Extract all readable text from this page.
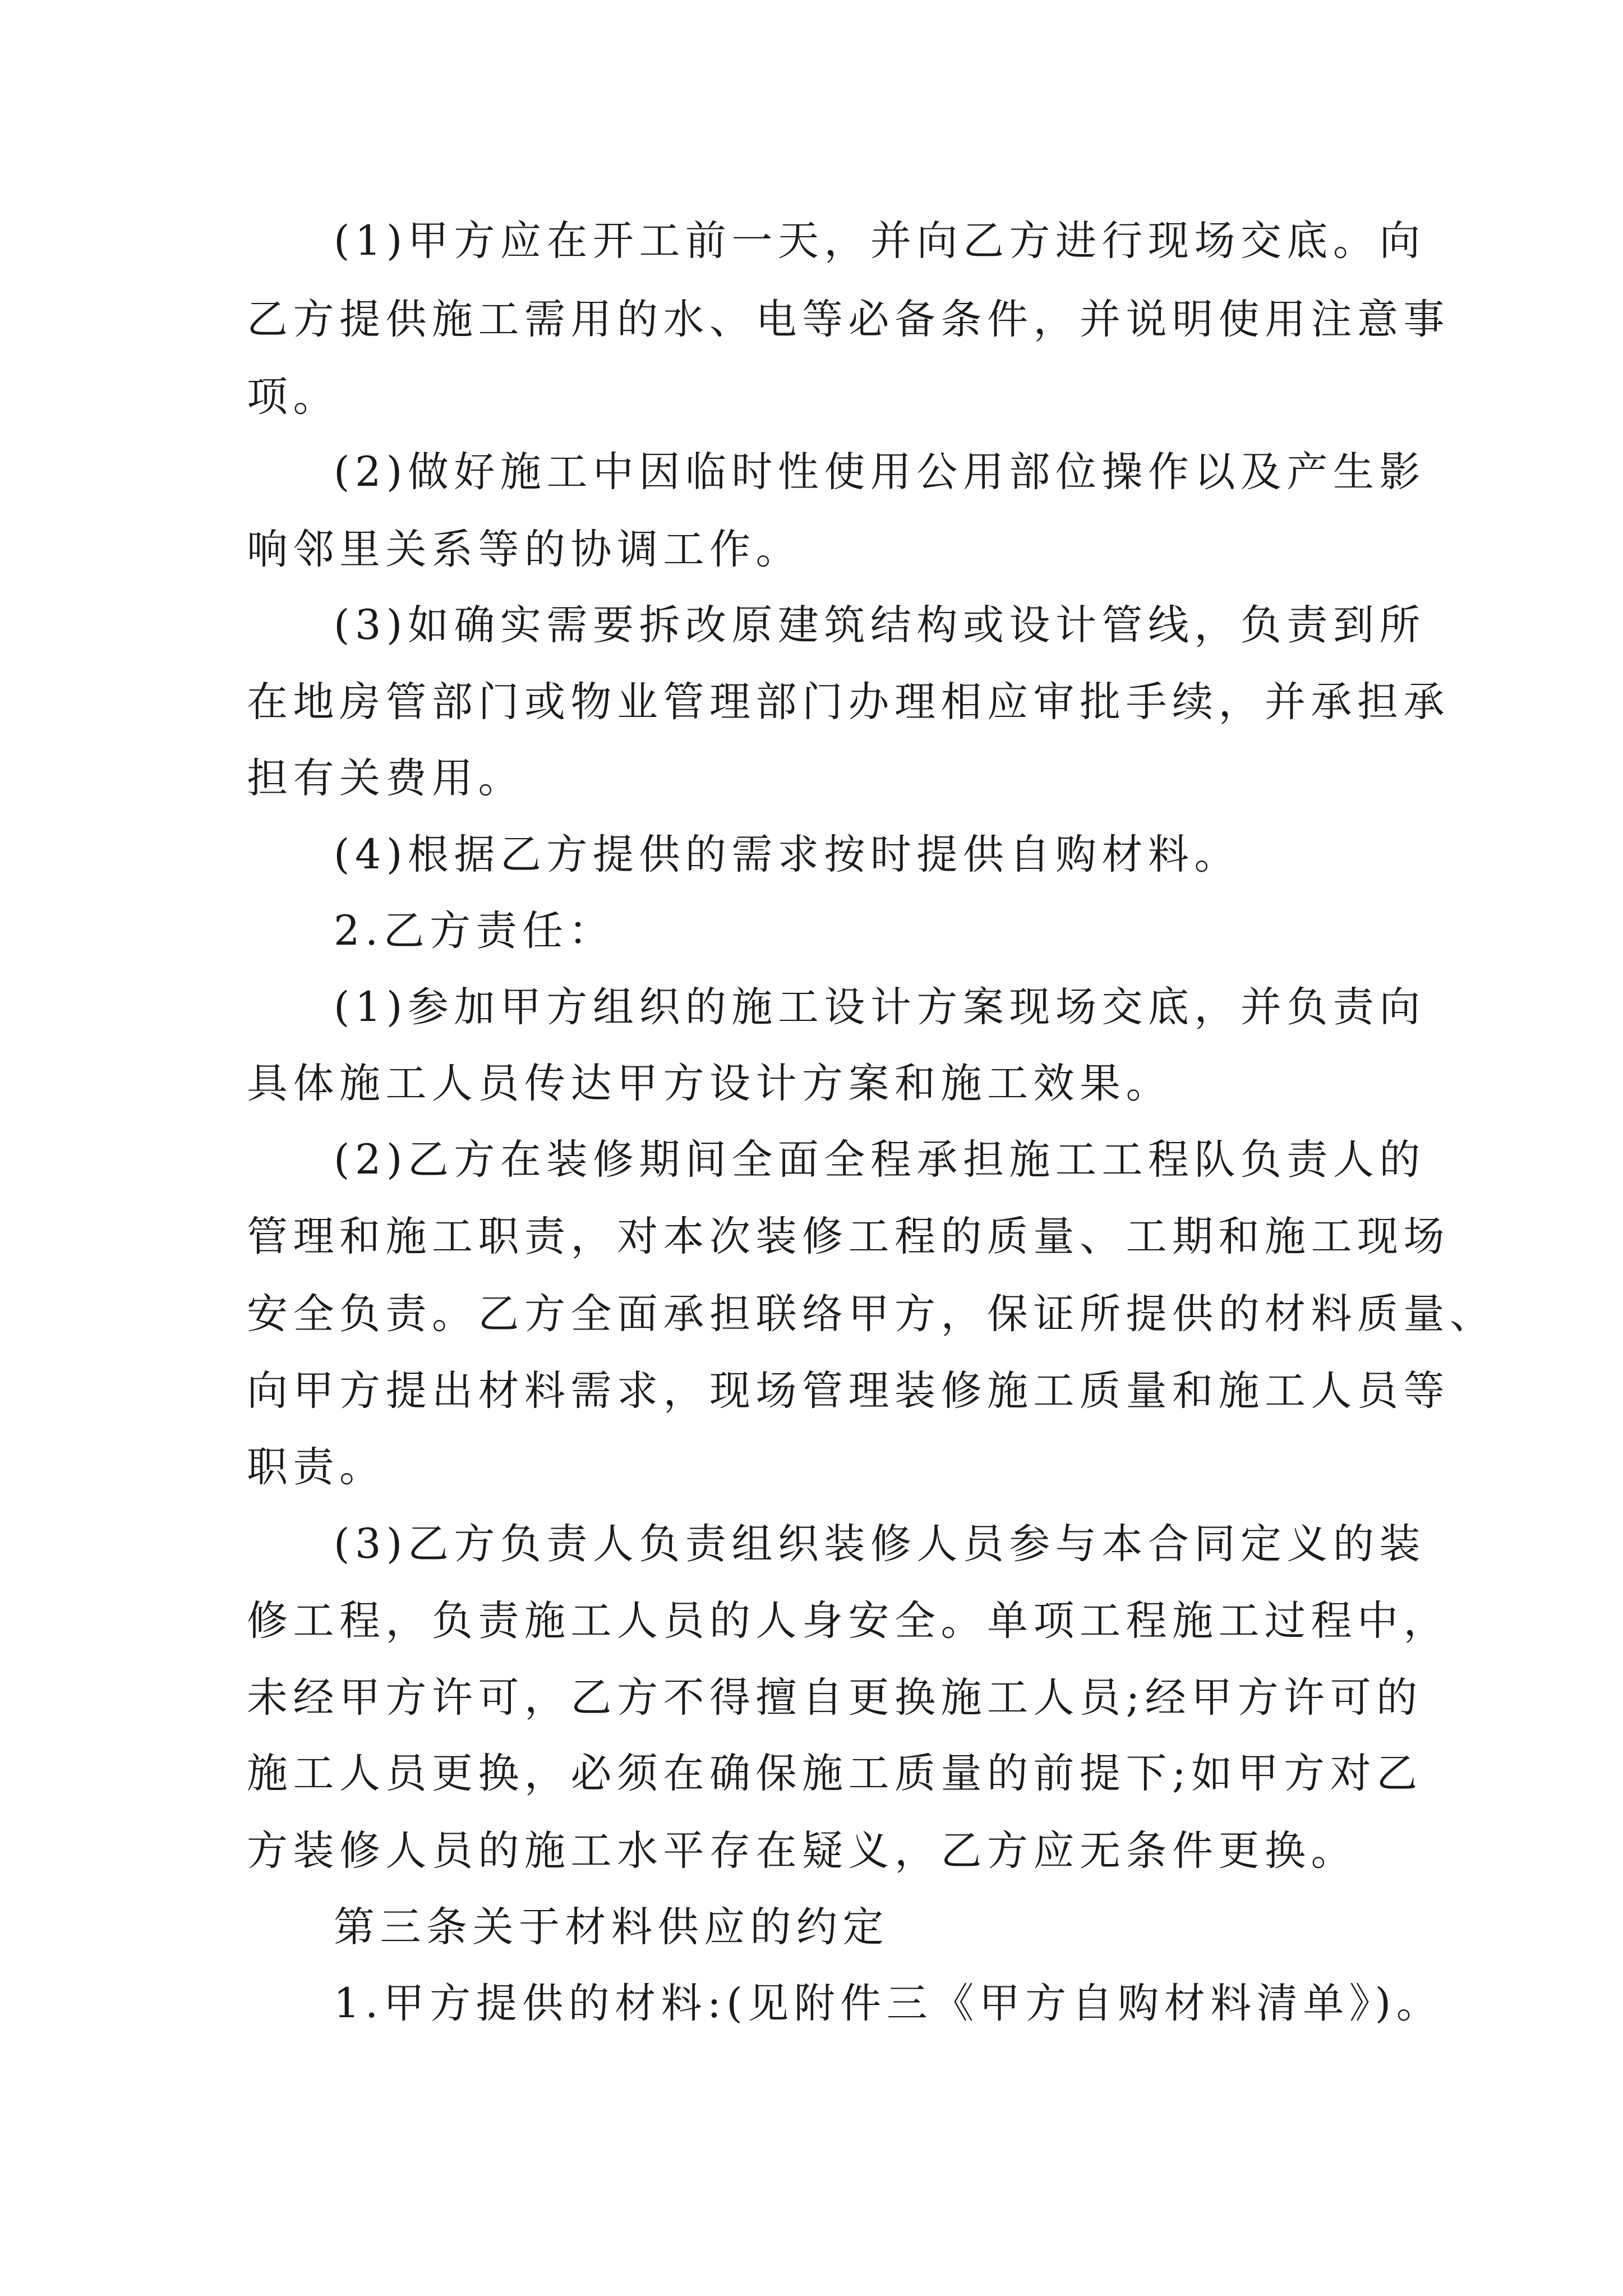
(1)甲方应在开工前一天，并向乙方进行现场交底。向

乙方提供施工需用的水、电等必备条件，并说明使用注意事

项。

(2)做好施工中因临时性使用公用部位操作以及产生影

响邻里关系等的协调工作。

(3)如确实需要拆改原建筑结构或设计管线，负责到所

在地房管部门或物业管理部门办理相应审批手续，并承担承

担有关费用。

(4)根据乙方提供的需求按时提供自购材料。

2.乙方责任：

(1)参加甲方组织的施工设计方案现场交底，并负责向

具体施工人员传达甲方设计方案和施工效果。

(2)乙方在装修期间全面全程承担施工工程队负责人的

管理和施工职责，对本次装修工程的质量、工期和施工现场

安全负责。乙方全面承担联络甲方，保证所提供的材料质量、

向甲方提出材料需求，现场管理装修施工质量和施工人员等

职责。

(3)乙方负责人负责组织装修人员参与本合同定义的装

修工程，负责施工人员的人身安全。单项工程施工过程中，

未经甲方许可，乙方不得擅自更换施工人员;经甲方许可的

施工人员更换，必须在确保施工质量的前提下;如甲方对乙

方装修人员的施工水平存在疑义，乙方应无条件更换。

第三条关于材料供应的约定

1.甲方提供的材料:(见附件三《甲方自购材料清单》)。
